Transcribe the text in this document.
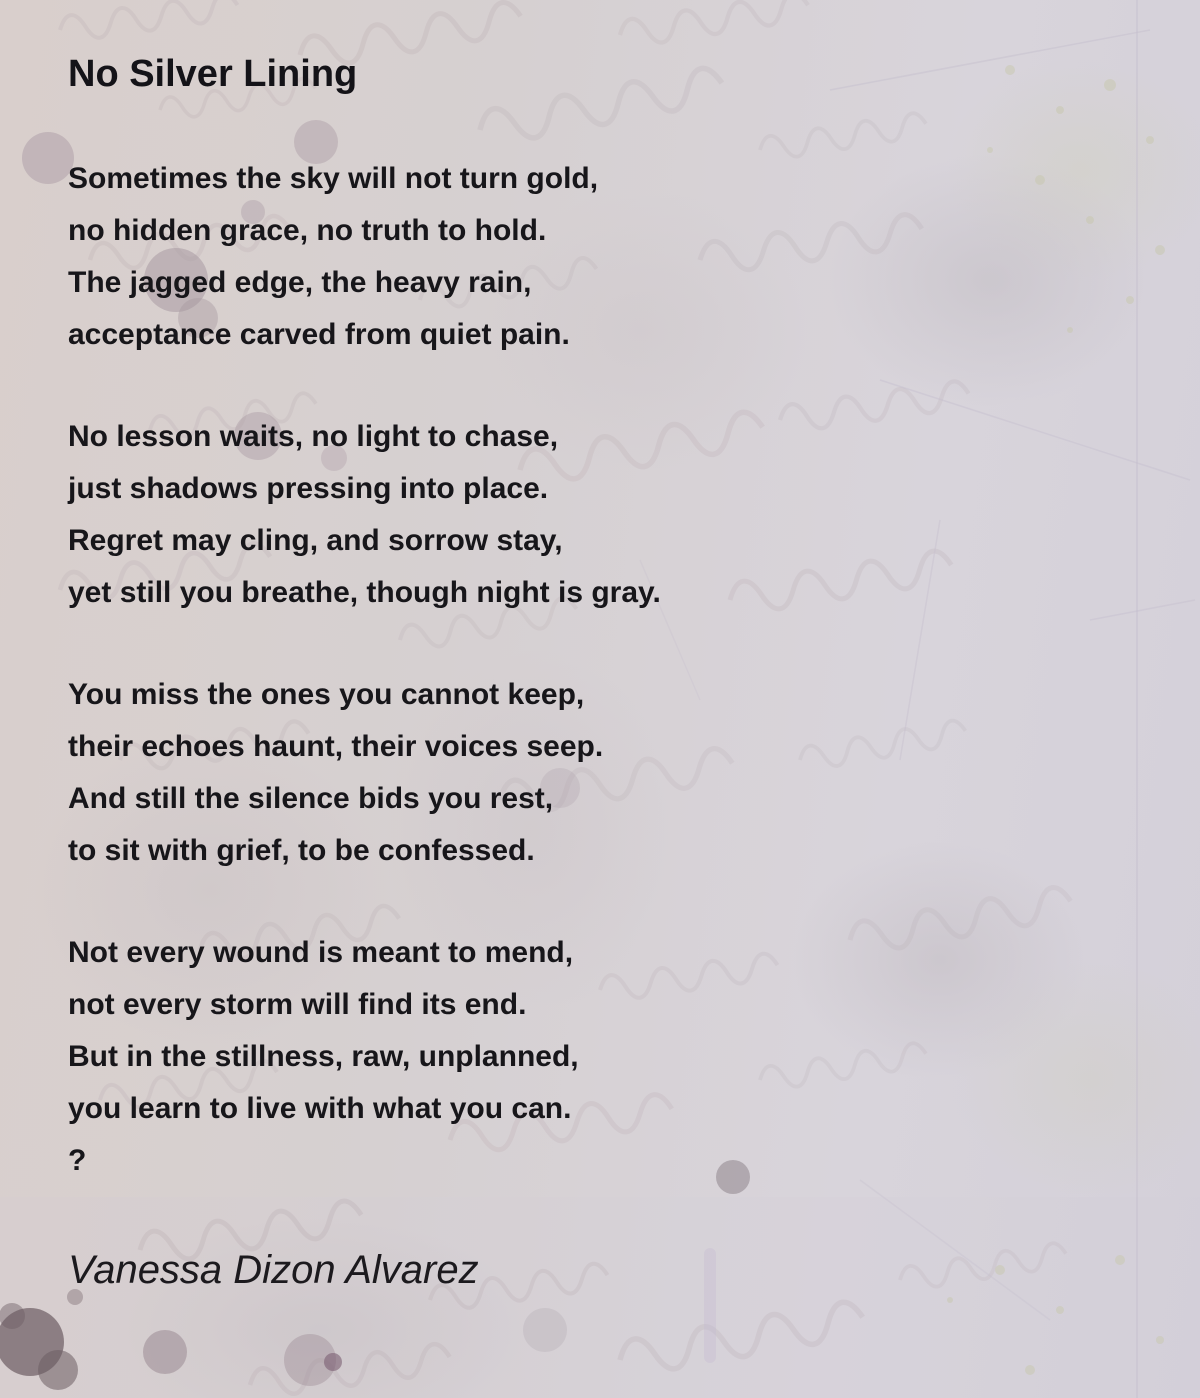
No Silver Lining
Sometimes the sky will not turn gold,
no hidden grace, no truth to hold.
The jagged edge, the heavy rain,
acceptance carved from quiet pain.
No lesson waits, no light to chase,
just shadows pressing into place.
Regret may cling, and sorrow stay,
yet still you breathe, though night is gray.
You miss the ones you cannot keep,
their echoes haunt, their voices seep.
And still the silence bids you rest,
to sit with grief, to be confessed.
Not every wound is meant to mend,
not every storm will find its end.
But in the stillness, raw, unplanned,
you learn to live with what you can.
?
Vanessa Dizon Alvarez
